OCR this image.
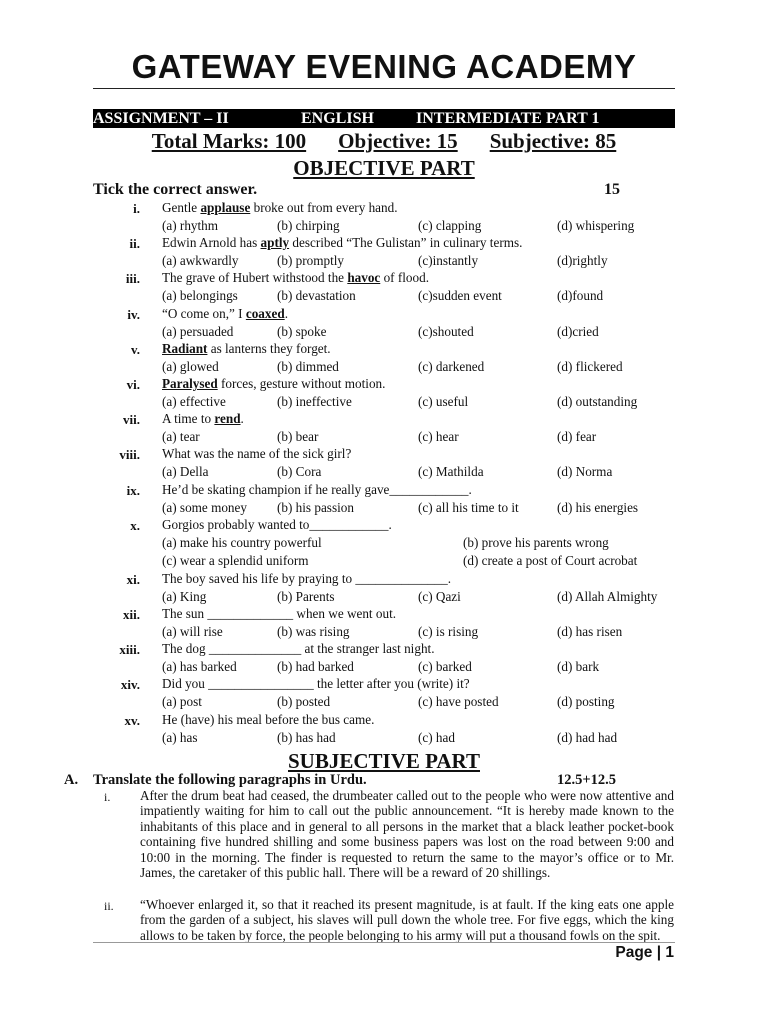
GATEWAY EVENING ACADEMY
ASSIGNMENT – II	ENGLISH	INTERMEDIATE PART 1
Total Marks: 100 Objective: 15 Subjective: 85
OBJECTIVE PART
Tick the correct answer.	15
i. Gentle applause broke out from every hand.
(a) rhythm	(b) chirping	(c) clapping	(d) whispering
ii. Edwin Arnold has aptly described “The Gulistan” in culinary terms.
(a) awkwardly	(b) promptly	(c)instantly	(d)rightly
iii. The grave of Hubert withstood the havoc of flood.
(a) belongings	(b) devastation	(c)sudden event	(d)found
iv. “O come on,” I coaxed.
(a) persuaded	(b) spoke	(c)shouted	(d)cried
v. Radiant as lanterns they forget.
(a) glowed	(b) dimmed	(c) darkened	(d) flickered
vi. Paralysed forces, gesture without motion.
(a) effective	(b) ineffective	(c) useful	(d) outstanding
vii. A time to rend.
(a) tear	(b) bear	(c) hear	(d) fear
viii. What was the name of the sick girl?
(a) Della	(b) Cora	(c) Mathilda	(d) Norma
ix. He’d be skating champion if he really gave____________.
(a) some money (b) his passion	(c) all his time to it	(d) his energies
x. Gorgios probably wanted to____________.
(a) make his country powerful	(b) prove his parents wrong
(c) wear a splendid uniform	(d) create a post of Court acrobat
xi. The boy saved his life by praying to ______________.
(a) King	(b) Parents	(c) Qazi	(d) Allah Almighty
xii. The sun _____________ when we went out.
(a) will rise	(b) was rising	(c) is rising	(d) has risen
xiii. The dog ______________ at the stranger last night.
(a) has barked	(b) had barked	(c) barked	(d) bark
xiv. Did you ________________ the letter after you (write) it?
(a) post	(b) posted	(c) have posted	(d) posting
xv. He (have) his meal before the bus came.
(a) has	(b) has had	(c) had	(d) had had
SUBJECTIVE PART
A. Translate the following paragraphs in Urdu.	12.5+12.5
i. After the drum beat had ceased, the drumbeater called out to the people who were now attentive and impatiently waiting for him to call out the public announcement. “It is hereby made known to the inhabitants of this place and in general to all persons in the market that a black leather pocket-book containing five hundred shilling and some business papers was lost on the road between 9:00 and 10:00 in the morning. The finder is requested to return the same to the mayor’s office or to Mr. James, the caretaker of this public hall. There will be a reward of 20 shillings.
ii. “Whoever enlarged it, so that it reached its present magnitude, is at fault. If the king eats one apple from the garden of a subject, his slaves will pull down the whole tree. For five eggs, which the king allows to be taken by force, the people belonging to his army will put a thousand fowls on the spit.
Page | 1
